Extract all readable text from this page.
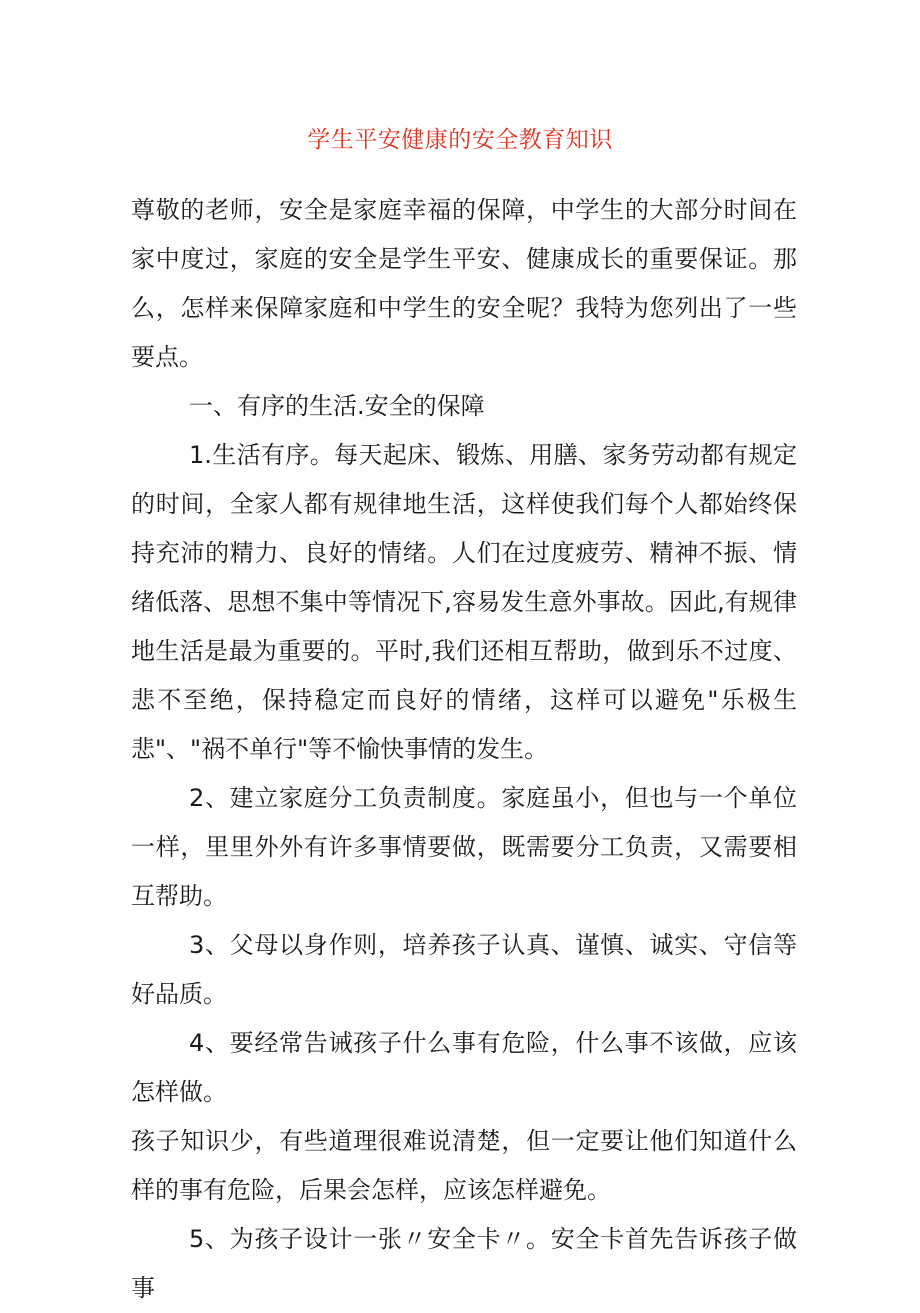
学生平安健康的安全教育知识

尊敬的老师，安全是家庭幸福的保障，中学生的大部分时间在家中度过，家庭的安全是学生平安、健康成长的重要保证。那么，怎样来保障家庭和中学生的安全呢？我特为您列出了一些要点。

一、有序的生活.安全的保障

1.生活有序。每天起床、锻炼、用膳、家务劳动都有规定的时间，全家人都有规律地生活，这样使我们每个人都始终保持充沛的精力、良好的情绪。人们在过度疲劳、精神不振、情绪低落、思想不集中等情况下,容易发生意外事故。因此,有规律地生活是最为重要的。平时,我们还相互帮助，做到乐不过度、悲不至绝，保持稳定而良好的情绪，这样可以避免"乐极生悲"、"祸不单行"等不愉快事情的发生。

2、建立家庭分工负责制度。家庭虽小，但也与一个单位一样，里里外外有许多事情要做，既需要分工负责，又需要相互帮助。

3、父母以身作则，培养孩子认真、谨慎、诚实、守信等好品质。

4、要经常告诫孩子什么事有危险，什么事不该做，应该怎样做。

孩子知识少，有些道理很难说清楚，但一定要让他们知道什么样的事有危险，后果会怎样，应该怎样避免。

5、为孩子设计一张〃安全卡〃。安全卡首先告诉孩子做事
